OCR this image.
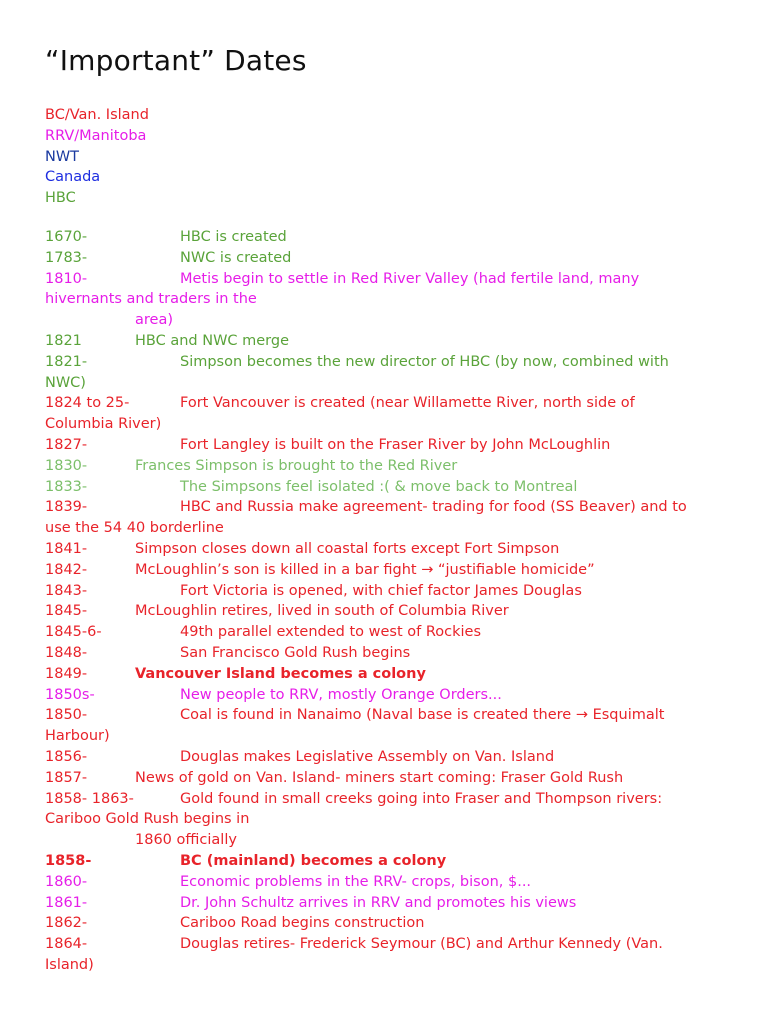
“Important” Dates
BC/Van. Island
RRV/Manitoba
NWT
Canada
HBC
1670-	HBC is created
1783-	NWC is created
1810-	Metis begin to settle in Red River Valley (had fertile land, many
hivernants and traders in the
area)
1821	HBC and NWC merge
1821-	Simpson becomes the new director of HBC (by now, combined with
NWC)
1824 to 25-	Fort Vancouver is created (near Willamette River, north side of
Columbia River)
1827-	Fort Langley is built on the Fraser River by John McLoughlin
1830-	Frances Simpson is brought to the Red River
1833-	The Simpsons feel isolated :( & move back to Montreal
1839-	HBC and Russia make agreement- trading for food (SS Beaver) and to
use the 54 40 borderline
1841-	Simpson closes down all coastal forts except Fort Simpson
1842-	McLoughlin’s son is killed in a bar fight → “justifiable homicide”
1843-	Fort Victoria is opened, with chief factor James Douglas
1845-	McLoughlin retires, lived in south of Columbia River
1845-6-	49th parallel extended to west of Rockies
1848-	San Francisco Gold Rush begins
1849-	Vancouver Island becomes a colony
1850s-	New people to RRV, mostly Orange Orders...
1850-	Coal is found in Nanaimo (Naval base is created there → Esquimalt
Harbour)
1856-	Douglas makes Legislative Assembly on Van. Island
1857-	News of gold on Van. Island- miners start coming: Fraser Gold Rush
1858- 1863-	Gold found in small creeks going into Fraser and Thompson rivers:
Cariboo Gold Rush begins in
1860 officially
1858-	BC (mainland) becomes a colony
1860-	Economic problems in the RRV- crops, bison, $...
1861-	Dr. John Schultz arrives in RRV and promotes his views
1862-	Cariboo Road begins construction
1864-	Douglas retires- Frederick Seymour (BC) and Arthur Kennedy (Van.
Island)
